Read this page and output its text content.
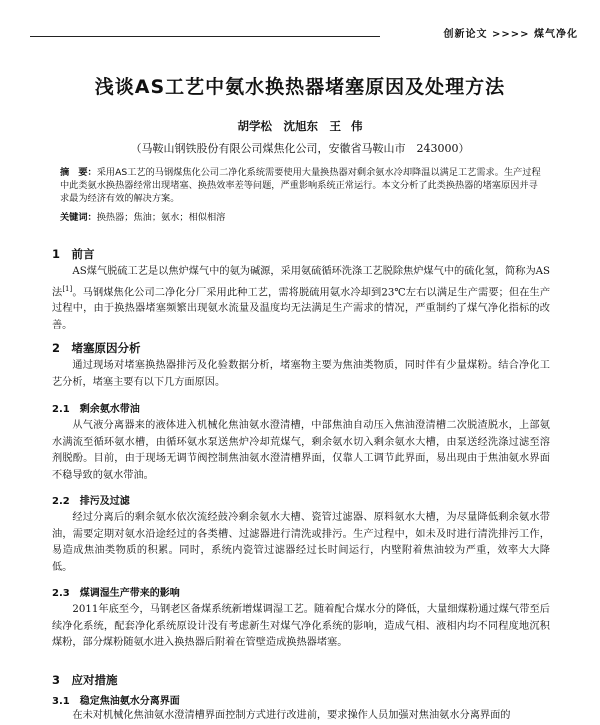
创新论文 >>>> 煤气净化
浅谈AS工艺中氨水换热器堵塞原因及处理方法
胡学松　沈旭东　王 伟
（马鞍山钢铁股份有限公司煤焦化公司，安徽省马鞍山市　243000）
摘　要：采用AS工艺的马钢煤焦化公司二净化系统需要使用大量换热器对剩余氨水冷却降温以满足工艺需求。生产过程中此类氨水换热器经常出现堵塞、换热效率差等问题，严重影响系统正常运行。本文分析了此类换热器的堵塞原因并寻求最为经济有效的解决方案。
关键词：换热器；焦油；氨水；相似相溶
1　前言
AS煤气脱硫工艺是以焦炉煤气中的氨为碱源，采用氨硫循环洗涤工艺脱除焦炉煤气中的硫化氢，简称为AS法[1]。马钢煤焦化公司二净化分厂采用此种工艺，需将脱硫用氨水冷却到23℃左右以满足生产需要；但在生产过程中，由于换热器堵塞频繁出现氨水流量及温度均无法满足生产需求的情况，严重制约了煤气净化指标的改善。
2　堵塞原因分析
通过现场对堵塞换热器排污及化验数据分析，堵塞物主要为焦油类物质，同时伴有少量煤粉。结合净化工艺分析，堵塞主要有以下几方面原因。
2.1　剩余氨水带油
从气液分离器来的液体进入机械化焦油氨水澄清槽，中部焦油自动压入焦油澄清槽二次脱渣脱水，上部氨水满流至循环氨水槽，由循环氨水泵送焦炉冷却荒煤气，剩余氨水切入剩余氨水大槽，由泵送经洗涤过滤至溶剂脱酚。目前，由于现场无调节阀控制焦油氨水澄清槽界面，仅靠人工调节此界面，易出现由于焦油氨水界面不稳导致的氨水带油。
2.2　排污及过滤
经过分离后的剩余氨水依次流经鼓冷剩余氨水大槽、瓷管过滤器、原料氨水大槽，为尽量降低剩余氨水带油，需要定期对氨水沿途经过的各类槽、过滤器进行清洗或排污。生产过程中，如未及时进行清洗排污工作，易造成焦油类物质的积累。同时，系统内瓷管过滤器经过长时间运行，内壁附着焦油较为严重，效率大大降低。
2.3　煤调湿生产带来的影响
2011年底至今，马钢老区备煤系统新增煤调湿工艺。随着配合煤水分的降低，大量细煤粉通过煤气带至后续净化系统，配套净化系统原设计没有考虑新生对煤气净化系统的影响，造成气相、液相内均不同程度地沉积煤粉，部分煤粉随氨水进入换热器后附着在管壁造成换热器堵塞。
3　应对措施
3.1　稳定焦油氨水分离界面
在未对机械化焦油氨水澄清槽界面控制方式进行改进前，要求操作人员加强对焦油氨水分离界面的
